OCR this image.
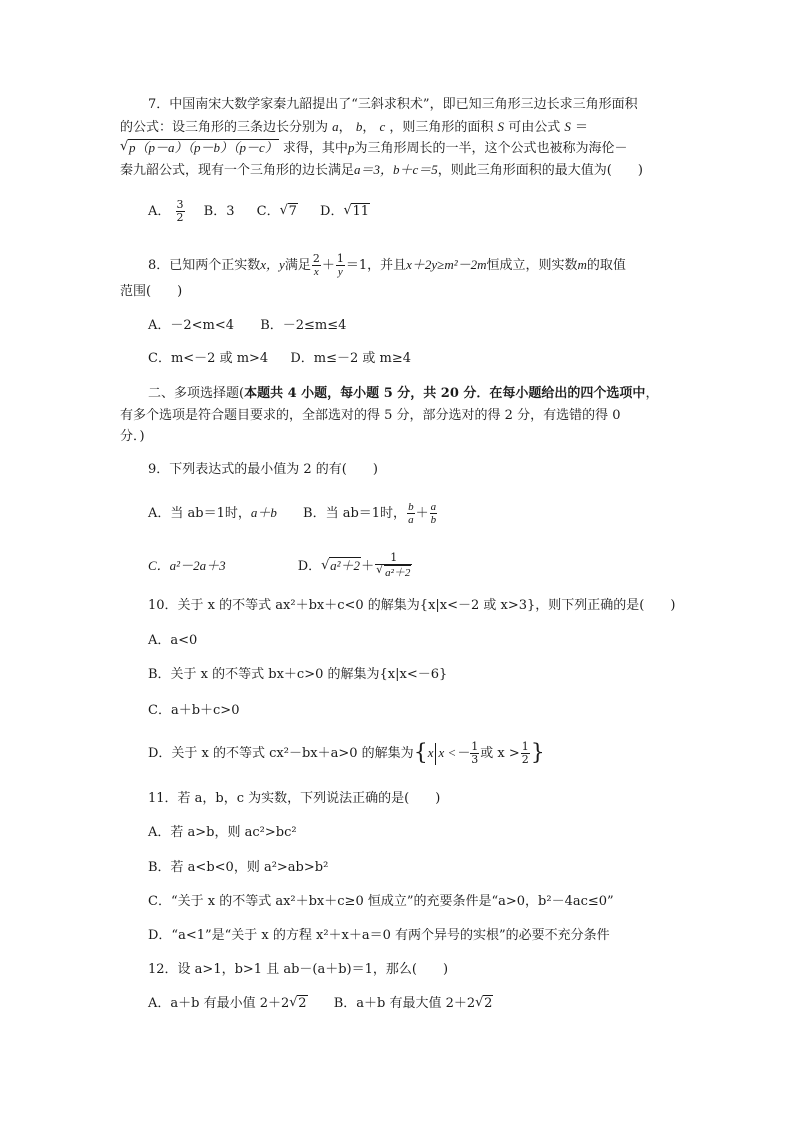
7．中国南宋大数学家秦九韶提出了“三斜求积术”，即已知三角形三边长求三角形面积
的公式：设三角形的三条边长分别为 a， b， c ，则三角形的面积 S 可由公式 S ＝
√ p（p－a）（p－b）（p－c） 求得，其中p为三角形周长的一半，这个公式也被称为海伦－
秦九韶公式，现有一个三角形的边长满足a＝3，b＋c＝5，则此三角形面积的最大值为(　　)
A． $\frac{3}{2}$ B．3 C． √ 7 D． √ 11
8．已知两个正实数x，y满足 $\frac{2}{x} + \frac{1}{y} =1$，并且x＋2y≥m²－2m恒成立，则实数m的取值
范围(　　)
A．－2<m<4 B．－2≤m≤4
C．m<－2 或 m>4 D．m≤－2 或 m≥4
二、多项选择题(本题共 4 小题，每小题 5 分，共 20 分．在每小题给出的四个选项中，
有多个选项是符合题目要求的，全部选对的得 5 分，部分选对的得 2 分，有选错的得 0
分．)
9．下列表达式的最小值为 2 的有(　　)
A．当 ab＝1时，a＋b B．当 ab＝1时， $\frac{b}{a} + \frac{a}{b}$
C．a²－2a＋3	D． √ $a^2+2+ \frac{1}{\text{√ a²＋2}}$
10．关于 x 的不等式 ax²＋bx＋c<0 的解集为{x|x<－2 或 x>3}，则下列正确的是(　　)
A．a<0
B．关于 x 的不等式 bx＋c>0 的解集为{x|x<－6}
C．a＋b＋c>0
D．关于 x 的不等式 cx²－bx＋a>0 的解集为{x $x <- \frac{1}{3}$ 或 $x > \frac{1}{2}$ }
11．若 a，b，c 为实数，下列说法正确的是(　　)
A．若 a>b，则 ac²>bc²
B．若 a<b<0，则 a²>ab>b²
C．“关于 x 的不等式 ax²＋bx＋c≥0 恒成立”的充要条件是“a>0，b²－4ac≤0”
D．“a<1”是“关于 x 的方程 x²＋x＋a＝0 有两个异号的实根”的必要不充分条件
12．设 a>1，b>1 且 ab－(a＋b)＝1，那么(　　)
A．a＋b 有最小值 2＋2 √ 2 B．a＋b 有最大值 2＋2 √ 2
